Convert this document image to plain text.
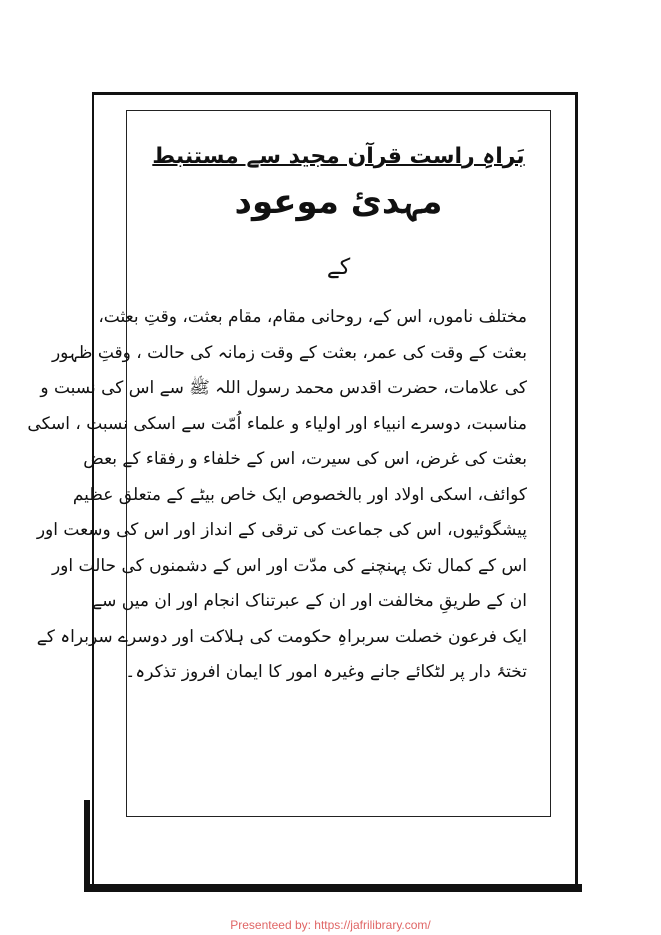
بَراہِ راست قرآن مجید سے مستنبط
مہدیٔ موعود
کے
مختلف ناموں، اس کے، روحانی مقام، مقام بعثت، وقتِ بعثت،
بعثت کے وقت کی عمر، بعثت کے وقت زمانہ کی حالت ، وقتِ ظہور
کی علامات، حضرت اقدس محمد رسول اللہ ﷺ سے اس کی نسبت و
مناسبت، دوسرے انبیاء اور اولیاء و علماء اُمّت سے اسکی نسبت ، اسکی
بعثت کی غرض، اس کی سیرت، اس کے خلفاء و رفقاء کے بعض
کوائف، اسکی اولاد اور بالخصوص ایک خاص بیٹے کے متعلق عظیم
پیشگوئیوں، اس کی جماعت کی ترقی کے انداز اور اس کی وسعت اور
اس کے کمال تک پہنچنے کی مدّت اور اس کے دشمنوں کی حالت اور
ان کے طریقِ مخالفت اور ان کے عبرتناک انجام اور ان میں سے
ایک فرعون خصلت سربراہِ حکومت کی ہلاکت اور دوسرے سربراہ کے
تختۂ دار پر لٹکائے جانے وغیرہ امور کا ایمان افروز تذکرہ۔
Presenteed by: https://jafrilibrary.com/
